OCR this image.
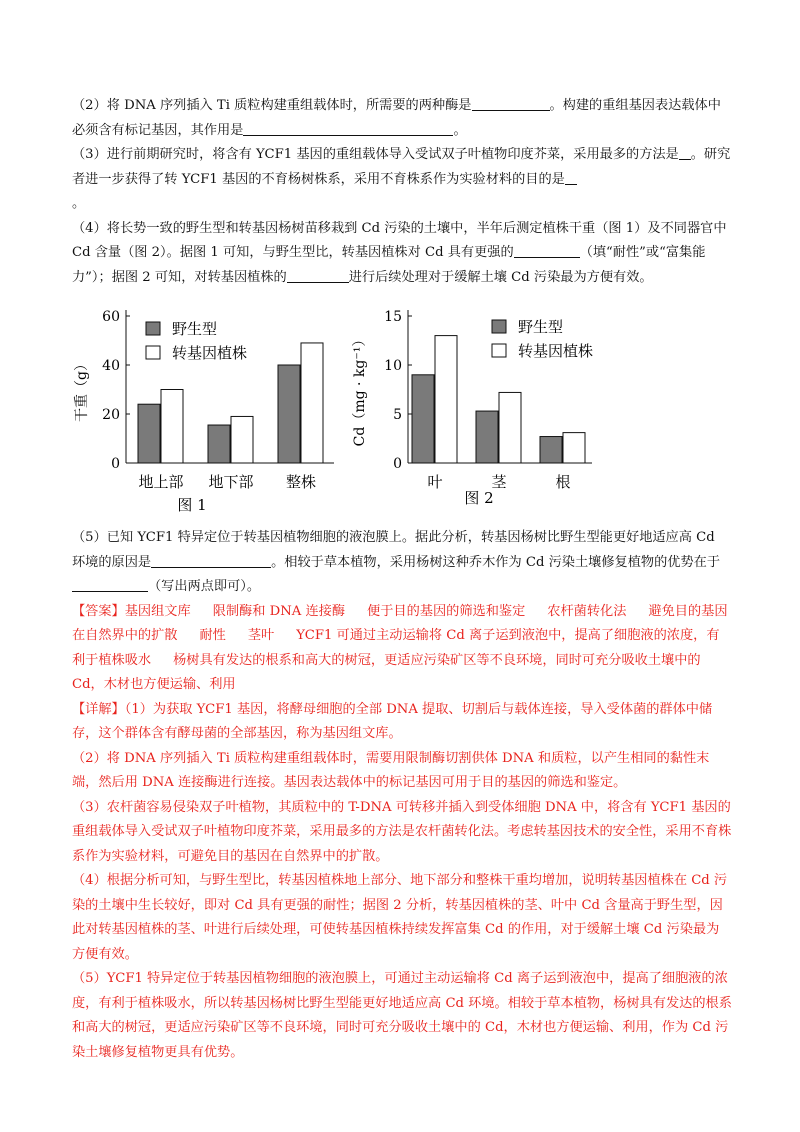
（2）将 DNA 序列插入 Ti 质粒构建重组载体时，所需要的两种酶是	。构建的重组基因表达载体中必须含有标记基因，其作用是	。

（3）进行前期研究时，将含有 YCF1 基因的重组载体导入受试双子叶植物印度芥菜，采用最多的方法是 。研究者进一步获得了转 YCF1 基因的不育杨树株系，采用不育株系作为实验材料的目的是
。

（4）将长势一致的野生型和转基因杨树苗移栽到 Cd 污染的土壤中，半年后测定植株干重（图 1）及不同器官中 Cd 含量（图 2）。据图 1 可知，与野生型比，转基因植株对 Cd 具有更强的	（填“耐性”或“富集能力”）；据图 2 可知，对转基因植株的	进行后续处理对于缓解土壤 Cd 污染最为方便有效。

0
20
40
60
干重（g）
地上部 地下部 整株
野生型
转基因植株
图 1
0
5
10
15
Cd（mg · kg⁻¹）
叶	茎	根
野生型
转基因植株
图 2

（5）已知 YCF1 特异定位于转基因植物细胞的液泡膜上。据此分析，转基因杨树比野生型能更好地适应高 Cd 环境的原因是	。相较于草本植物，采用杨树这种乔木作为 Cd 污染土壤修复植物的优势在于（写出两点即可）。

【答案】基因组文库 限制酶和 DNA 连接酶 便于目的基因的筛选和鉴定 农杆菌转化法 避免目的基因在自然界中的扩散 耐性 茎叶 YCF1 可通过主动运输将 Cd 离子运到液泡中，提高了细胞液的浓度，有利于植株吸水 杨树具有发达的根系和高大的树冠，更适应污染矿区等不良环境，同时可充分吸收土壤中的 Cd，木材也方便运输、利用

【详解】（1）为获取 YCF1 基因，将酵母细胞的全部 DNA 提取、切割后与载体连接，导入受体菌的群体中储存，这个群体含有酵母菌的全部基因，称为基因组文库。

（2）将 DNA 序列插入 Ti 质粒构建重组载体时，需要用限制酶切割供体 DNA 和质粒，以产生相同的黏性末端，然后用 DNA 连接酶进行连接。基因表达载体中的标记基因可用于目的基因的筛选和鉴定。

（3）农杆菌容易侵染双子叶植物，其质粒中的 T-DNA 可转移并插入到受体细胞 DNA 中，将含有 YCF1 基因的重组载体导入受试双子叶植物印度芥菜，采用最多的方法是农杆菌转化法。考虑转基因技术的安全性，采用不育株系作为实验材料，可避免目的基因在自然界中的扩散。

（4）根据分析可知，与野生型比，转基因植株地上部分、地下部分和整株干重均增加，说明转基因植株在 Cd 污染的土壤中生长较好，即对 Cd 具有更强的耐性；据图 2 分析，转基因植株的茎、叶中 Cd 含量高于野生型，因此对转基因植株的茎、叶进行后续处理，可使转基因植株持续发挥富集 Cd 的作用，对于缓解土壤 Cd 污染最为方便有效。

（5）YCF1 特异定位于转基因植物细胞的液泡膜上，可通过主动运输将 Cd 离子运到液泡中，提高了细胞液的浓度，有利于植株吸水，所以转基因杨树比野生型能更好地适应高 Cd 环境。相较于草本植物，杨树具有发达的根系和高大的树冠，更适应污染矿区等不良环境，同时可充分吸收土壤中的 Cd，木材也方便运输、利用，作为 Cd 污染土壤修复植物更具有优势。
